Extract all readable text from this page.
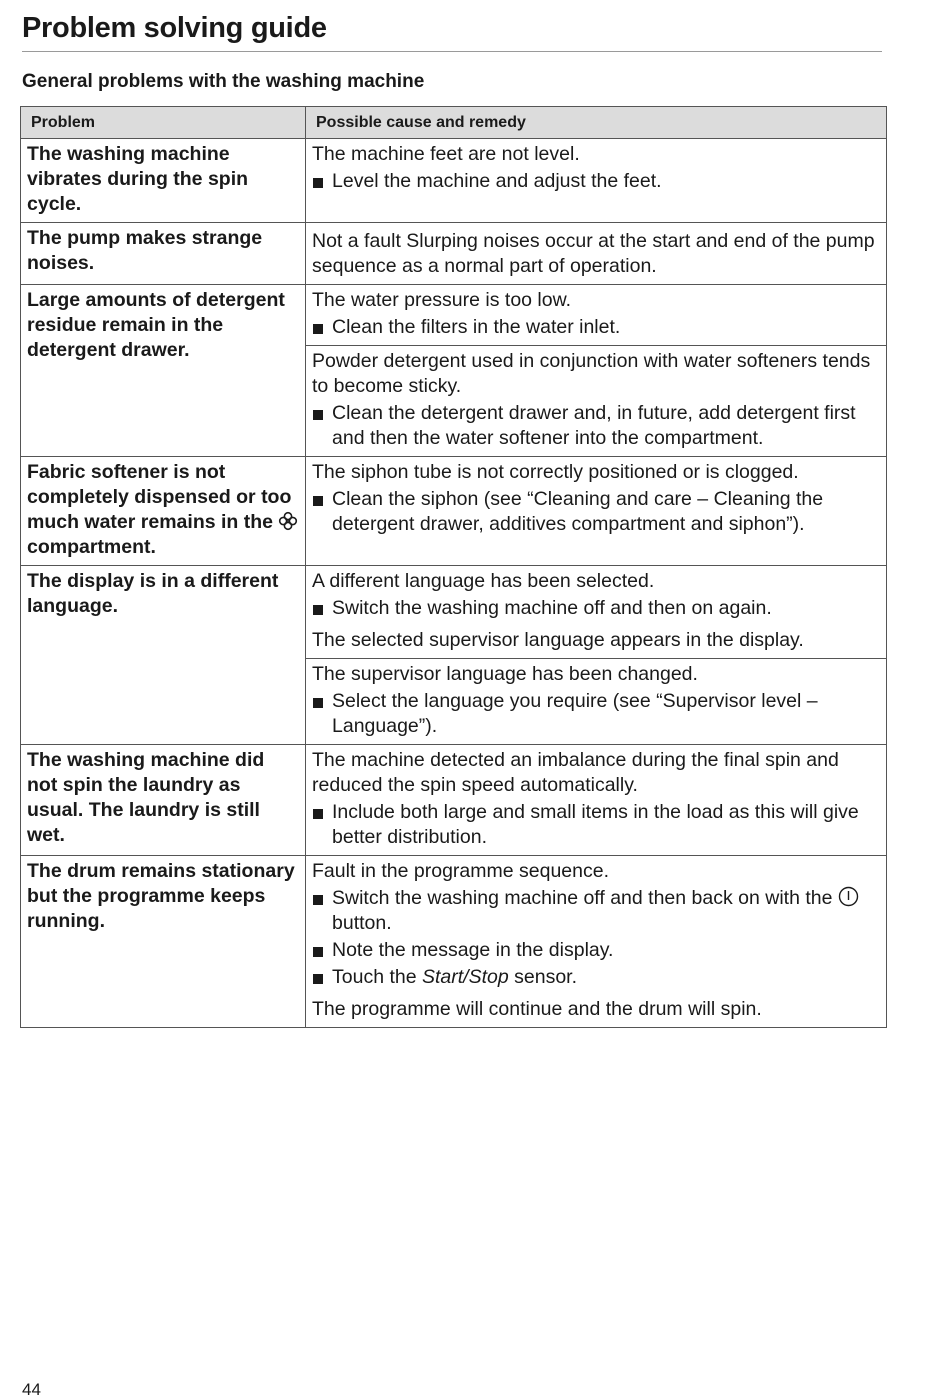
Problem solving guide
General problems with the washing machine
Problem	Possible cause and remedy
The washing machine vibrates during the spin cycle.	The machine feet are not level.
Level the machine and adjust the feet.

The pump makes strange noises.	Not a fault Slurping noises occur at the start and end of the pump sequence as a normal part of operation.

Large amounts of detergent residue remain in the detergent drawer.	The water pressure is too low.
Clean the filters in the water inlet.

	Powder detergent used in conjunction with water softeners tends to become sticky.
Clean the detergent drawer and, in future, add detergent first and then the water softener into the compartment.

Fabric softener is not completely dispensed or too much water remains in the  compartment.	The siphon tube is not correctly positioned or is clogged.
Clean the siphon (see “Cleaning and care – Cleaning the detergent drawer, additives compartment and siphon”).

The display is in a different language.	A different language has been selected.
Switch the washing machine off and then on again.
The selected supervisor language appears in the display.

	The supervisor language has been changed.
Select the language you require (see “Supervisor level – Language”).

The washing machine did not spin the laundry as usual. The laundry is still wet.	The machine detected an imbalance during the final spin and reduced the spin speed automatically.
Include both large and small items in the load as this will give better distribution.

The drum remains stationary but the programme keeps running.	Fault in the programme sequence.
Switch the washing machine off and then back on with the  button.
Note the message in the display.
Touch the Start/Stop sensor.
The programme will continue and the drum will spin.
44
